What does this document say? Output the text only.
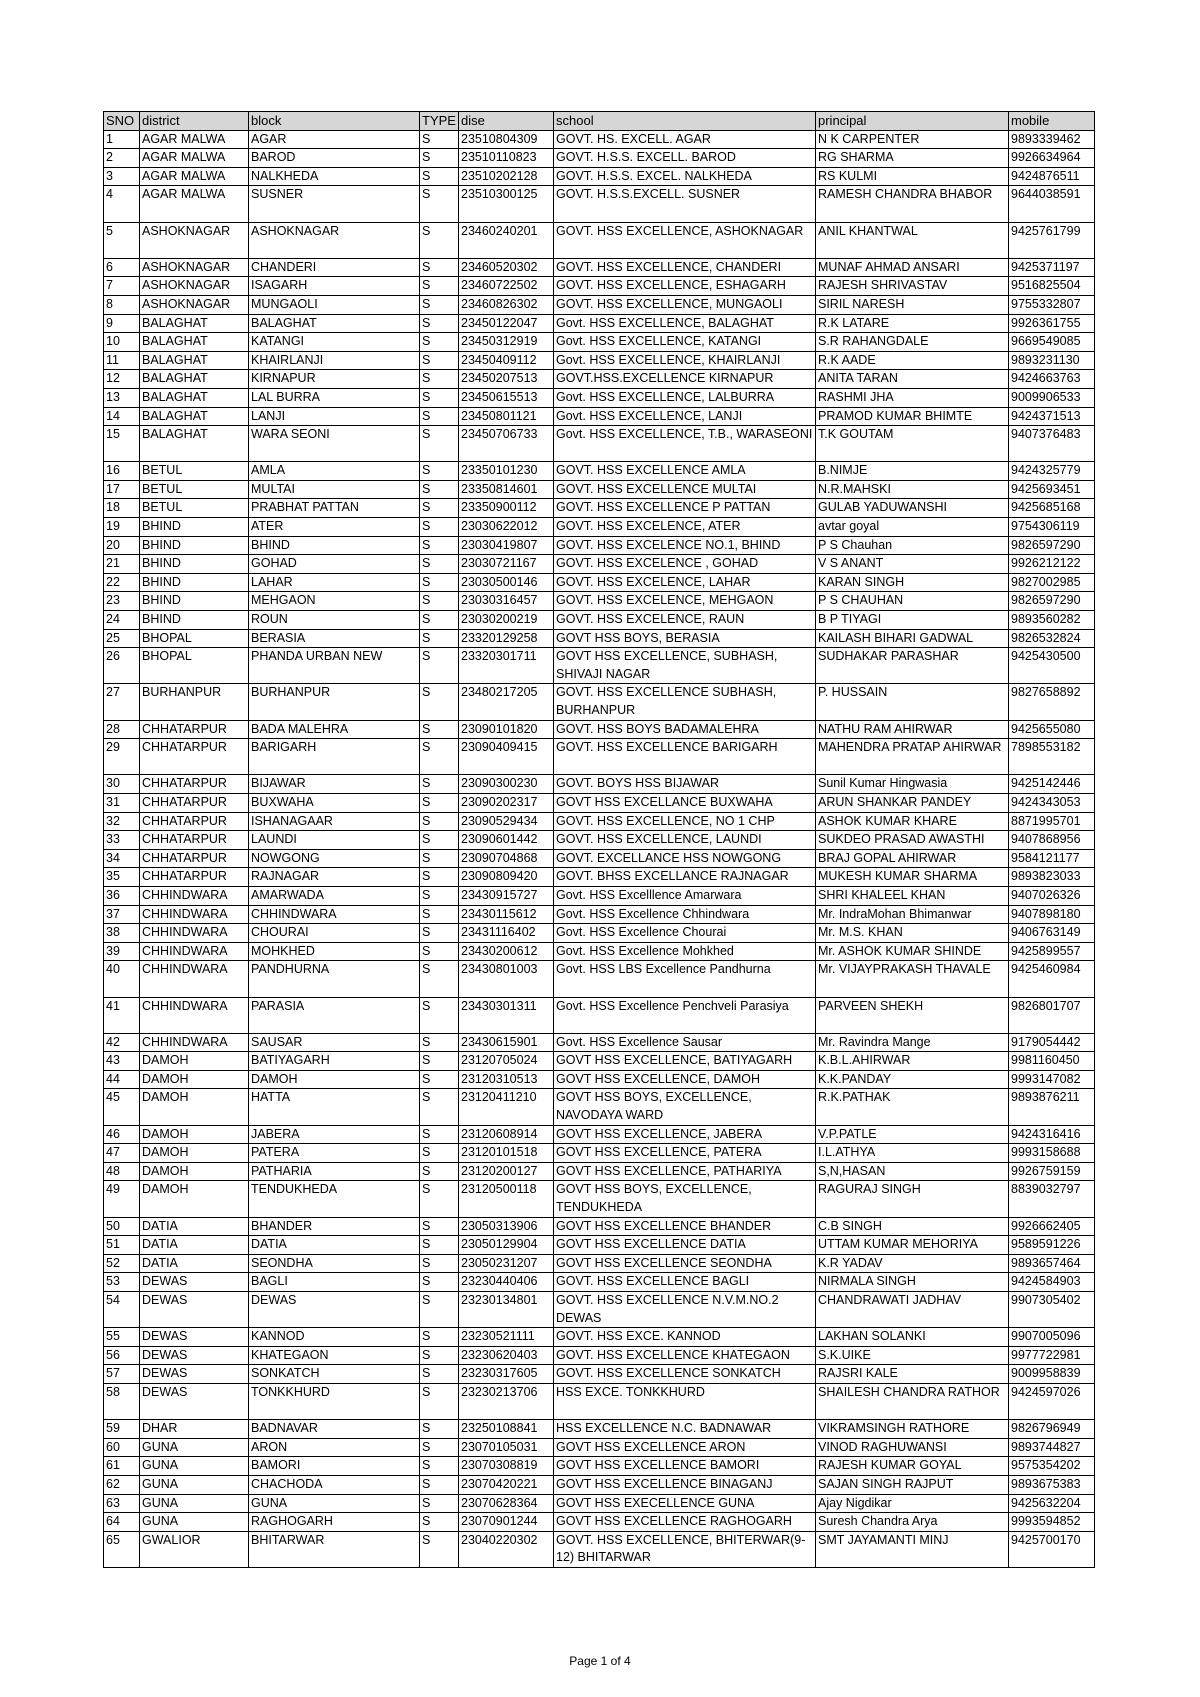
SNO	district	block	TYPE	dise	school	principal	mobile
1	AGAR MALWA	AGAR	S	23510804309	GOVT. HS. EXCELL. AGAR	N K CARPENTER	9893339462
2	AGAR MALWA	BAROD	S	23510110823	GOVT. H.S.S. EXCELL. BAROD	RG SHARMA	9926634964
3	AGAR MALWA	NALKHEDA	S	23510202128	GOVT. H.S.S. EXCEL. NALKHEDA	RS KULMI	9424876511
4	AGAR MALWA	SUSNER	S	23510300125	GOVT. H.S.S.EXCELL. SUSNER	RAMESH CHANDRA BHABOR	9644038591
5	ASHOKNAGAR	ASHOKNAGAR	S	23460240201	GOVT. HSS EXCELLENCE, ASHOKNAGAR	ANIL KHANTWAL	9425761799
6	ASHOKNAGAR	CHANDERI	S	23460520302	GOVT. HSS EXCELLENCE, CHANDERI	MUNAF AHMAD ANSARI	9425371197
7	ASHOKNAGAR	ISAGARH	S	23460722502	GOVT. HSS EXCELLENCE, ESHAGARH	RAJESH SHRIVASTAV	9516825504
8	ASHOKNAGAR	MUNGAOLI	S	23460826302	GOVT. HSS EXCELLENCE, MUNGAOLI	SIRIL NARESH	9755332807
9	BALAGHAT	BALAGHAT	S	23450122047	Govt. HSS EXCELLENCE, BALAGHAT	R.K LATARE	9926361755
10	BALAGHAT	KATANGI	S	23450312919	Govt. HSS EXCELLENCE, KATANGI	S.R RAHANGDALE	9669549085
11	BALAGHAT	KHAIRLANJI	S	23450409112	Govt. HSS EXCELLENCE, KHAIRLANJI	R.K AADE	9893231130
12	BALAGHAT	KIRNAPUR	S	23450207513	GOVT.HSS.EXCELLENCE KIRNAPUR	ANITA TARAN	9424663763
13	BALAGHAT	LAL BURRA	S	23450615513	Govt. HSS EXCELLENCE, LALBURRA	RASHMI JHA	9009906533
14	BALAGHAT	LANJI	S	23450801121	Govt. HSS EXCELLENCE, LANJI	PRAMOD KUMAR BHIMTE	9424371513
15	BALAGHAT	WARA SEONI	S	23450706733	Govt. HSS EXCELLENCE, T.B., WARASEONI	T.K GOUTAM	9407376483
16	BETUL	AMLA	S	23350101230	GOVT. HSS EXCELLENCE AMLA	B.NIMJE	9424325779
17	BETUL	MULTAI	S	23350814601	GOVT. HSS EXCELLENCE MULTAI	N.R.MAHSKI	9425693451
18	BETUL	PRABHAT PATTAN	S	23350900112	GOVT. HSS EXCELLENCE P PATTAN	GULAB YADUWANSHI	9425685168
19	BHIND	ATER	S	23030622012	GOVT. HSS EXCELENCE, ATER	avtar goyal	9754306119
20	BHIND	BHIND	S	23030419807	GOVT. HSS EXCELENCE NO.1, BHIND	P S Chauhan	9826597290
21	BHIND	GOHAD	S	23030721167	GOVT. HSS EXCELENCE , GOHAD	V S ANANT	9926212122
22	BHIND	LAHAR	S	23030500146	GOVT. HSS EXCELENCE, LAHAR	KARAN SINGH	9827002985
23	BHIND	MEHGAON	S	23030316457	GOVT. HSS EXCELENCE, MEHGAON	P S CHAUHAN	9826597290
24	BHIND	ROUN	S	23030200219	GOVT. HSS EXCELENCE, RAUN	B P TIYAGI	9893560282
25	BHOPAL	BERASIA	S	23320129258	GOVT HSS BOYS, BERASIA	KAILASH BIHARI GADWAL	9826532824
26	BHOPAL	PHANDA URBAN NEW	S	23320301711	GOVT HSS EXCELLENCE, SUBHASH, SHIVAJI NAGAR	SUDHAKAR PARASHAR	9425430500
27	BURHANPUR	BURHANPUR	S	23480217205	GOVT. HSS EXCELLENCE SUBHASH, BURHANPUR	P. HUSSAIN	9827658892
28	CHHATARPUR	BADA MALEHRA	S	23090101820	GOVT. HSS BOYS BADAMALEHRA	NATHU RAM AHIRWAR	9425655080
29	CHHATARPUR	BARIGARH	S	23090409415	GOVT. HSS EXCELLENCE BARIGARH	MAHENDRA PRATAP AHIRWAR	7898553182
30	CHHATARPUR	BIJAWAR	S	23090300230	GOVT. BOYS HSS BIJAWAR	Sunil Kumar Hingwasia	9425142446
31	CHHATARPUR	BUXWAHA	S	23090202317	GOVT HSS EXCELLANCE BUXWAHA	ARUN SHANKAR PANDEY	9424343053
32	CHHATARPUR	ISHANAGAAR	S	23090529434	GOVT. HSS EXCELLENCE, NO 1 CHP	ASHOK KUMAR KHARE	8871995701
33	CHHATARPUR	LAUNDI	S	23090601442	GOVT. HSS EXCELLENCE, LAUNDI	SUKDEO PRASAD AWASTHI	9407868956
34	CHHATARPUR	NOWGONG	S	23090704868	GOVT. EXCELLANCE HSS NOWGONG	BRAJ GOPAL AHIRWAR	9584121177
35	CHHATARPUR	RAJNAGAR	S	23090809420	GOVT. BHSS EXCELLANCE RAJNAGAR	MUKESH KUMAR SHARMA	9893823033
36	CHHINDWARA	AMARWADA	S	23430915727	Govt. HSS Excelllence Amarwara	SHRI KHALEEL KHAN	9407026326
37	CHHINDWARA	CHHINDWARA	S	23430115612	Govt. HSS Excellence Chhindwara	Mr. IndraMohan Bhimanwar	9407898180
38	CHHINDWARA	CHOURAI	S	23431116402	Govt. HSS Excellence Chourai	Mr. M.S. KHAN	9406763149
39	CHHINDWARA	MOHKHED	S	23430200612	Govt. HSS Excellence Mohkhed	Mr. ASHOK KUMAR SHINDE	9425899557
40	CHHINDWARA	PANDHURNA	S	23430801003	Govt. HSS LBS Excellence Pandhurna	Mr. VIJAYPRAKASH THAVALE	9425460984
41	CHHINDWARA	PARASIA	S	23430301311	Govt. HSS Excellence Penchveli Parasiya	PARVEEN SHEKH	9826801707
42	CHHINDWARA	SAUSAR	S	23430615901	Govt. HSS Excellence Sausar	Mr. Ravindra Mange	9179054442
43	DAMOH	BATIYAGARH	S	23120705024	GOVT HSS EXCELLENCE, BATIYAGARH	K.B.L.AHIRWAR	9981160450
44	DAMOH	DAMOH	S	23120310513	GOVT HSS EXCELLENCE, DAMOH	K.K.PANDAY	9993147082
45	DAMOH	HATTA	S	23120411210	GOVT HSS BOYS, EXCELLENCE, NAVODAYA WARD	R.K.PATHAK	9893876211
46	DAMOH	JABERA	S	23120608914	GOVT HSS EXCELLENCE, JABERA	V.P.PATLE	9424316416
47	DAMOH	PATERA	S	23120101518	GOVT HSS EXCELLENCE, PATERA	I.L.ATHYA	9993158688
48	DAMOH	PATHARIA	S	23120200127	GOVT HSS EXCELLENCE, PATHARIYA	S,N,HASAN	9926759159
49	DAMOH	TENDUKHEDA	S	23120500118	GOVT HSS BOYS, EXCELLENCE, TENDUKHEDA	RAGURAJ SINGH	8839032797
50	DATIA	BHANDER	S	23050313906	GOVT HSS EXCELLENCE BHANDER	C.B SINGH	9926662405
51	DATIA	DATIA	S	23050129904	GOVT HSS EXCELLENCE DATIA	UTTAM KUMAR MEHORIYA	9589591226
52	DATIA	SEONDHA	S	23050231207	GOVT HSS EXCELLENCE SEONDHA	K.R YADAV	9893657464
53	DEWAS	BAGLI	S	23230440406	GOVT. HSS EXCELLENCE BAGLI	NIRMALA SINGH	9424584903
54	DEWAS	DEWAS	S	23230134801	GOVT. HSS EXCELLENCE N.V.M.NO.2 DEWAS	CHANDRAWATI JADHAV	9907305402
55	DEWAS	KANNOD	S	23230521111	GOVT. HSS EXCE. KANNOD	LAKHAN SOLANKI	9907005096
56	DEWAS	KHATEGAON	S	23230620403	GOVT. HSS EXCELLENCE KHATEGAON	S.K.UIKE	9977722981
57	DEWAS	SONKATCH	S	23230317605	GOVT. HSS EXCELLENCE SONKATCH	RAJSRI KALE	9009958839
58	DEWAS	TONKKHURD	S	23230213706	HSS EXCE. TONKKHURD	SHAILESH CHANDRA RATHOR	9424597026
59	DHAR	BADNAVAR	S	23250108841	HSS EXCELLENCE N.C. BADNAWAR	VIKRAMSINGH RATHORE	9826796949
60	GUNA	ARON	S	23070105031	GOVT HSS EXCELLENCE ARON	VINOD RAGHUWANSI	9893744827
61	GUNA	BAMORI	S	23070308819	GOVT HSS EXCELLENCE BAMORI	RAJESH KUMAR GOYAL	9575354202
62	GUNA	CHACHODA	S	23070420221	GOVT HSS EXCELLENCE BINAGANJ	SAJAN SINGH RAJPUT	9893675383
63	GUNA	GUNA	S	23070628364	GOVT HSS EXECELLENCE GUNA	Ajay Nigdikar	9425632204
64	GUNA	RAGHOGARH	S	23070901244	GOVT HSS EXCELLENCE RAGHOGARH	Suresh Chandra Arya	9993594852
65	GWALIOR	BHITARWAR	S	23040220302	GOVT. HSS EXCELLENCE, BHITERWAR(9-12) BHITARWAR	SMT JAYAMANTI MINJ	9425700170
Page 1 of 4
